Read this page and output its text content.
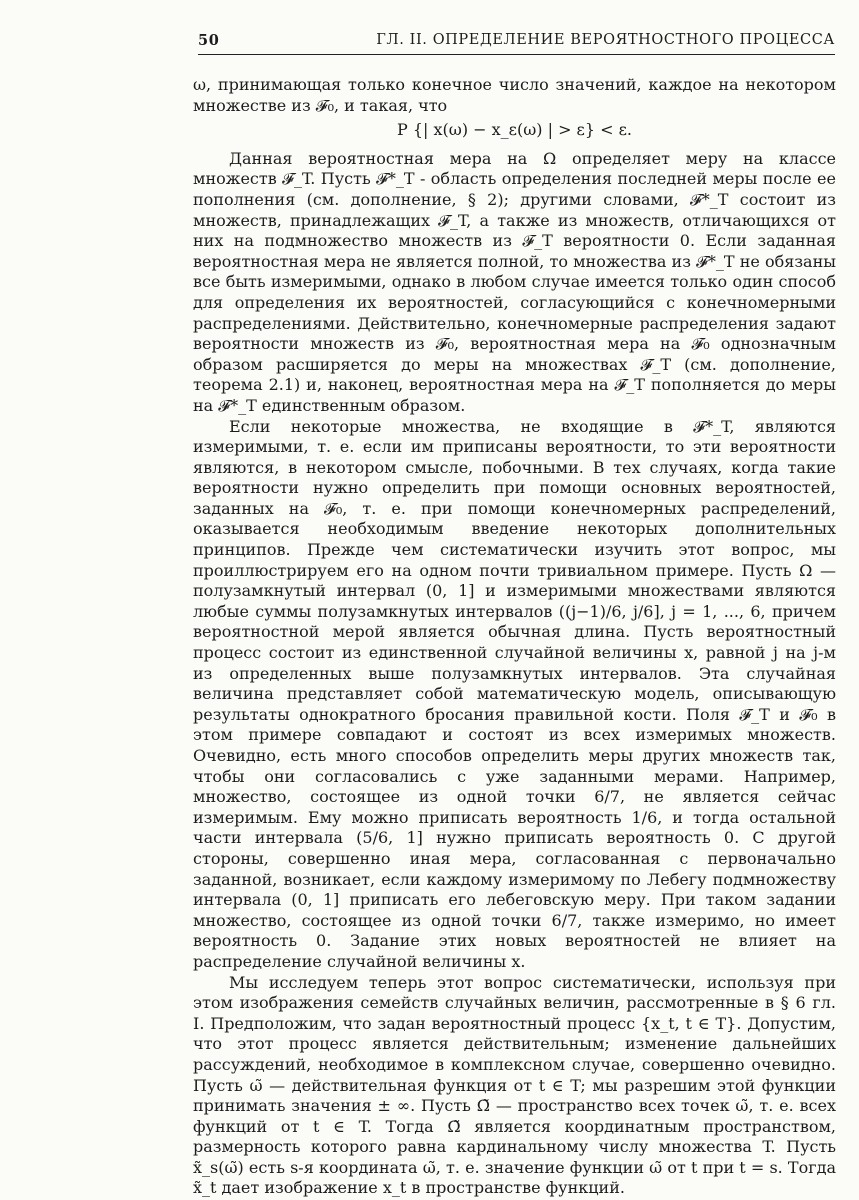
50	ГЛ. II. ОПРЕДЕЛЕНИЕ ВЕРОЯТНОСТНОГО ПРОЦЕССА

ω, принимающая только конечное число значений, каждое на некотором множестве из 𝓕₀, и такая, что

P {| x(ω) − x_ε(ω) | > ε} < ε.

Данная вероятностная мера на Ω определяет меру на классе множеств 𝓕_T. Пусть 𝓕*_T - область определения последней меры после ее пополнения (см. дополнение, § 2); другими словами, 𝓕*_T состоит из множеств, принадлежащих 𝓕_T, а также из множеств, отличающихся от них на подмножество множеств из 𝓕_T вероятности 0. Если заданная вероятностная мера не является полной, то множества из 𝓕*_T не обязаны все быть измеримыми, однако в любом случае имеется только один способ для определения их вероятностей, согласующийся с конечномерными распределениями. Действительно, конечномерные распределения задают вероятности множеств из 𝓕₀, вероятностная мера на 𝓕₀ однозначным образом расширяется до меры на множествах 𝓕_T (см. дополнение, теорема 2.1) и, наконец, вероятностная мера на 𝓕_T пополняется до меры на 𝓕*_T единственным образом.

Если некоторые множества, не входящие в 𝓕*_T, являются измеримыми, т. е. если им приписаны вероятности, то эти вероятности являются, в некотором смысле, побочными. В тех случаях, когда такие вероятности нужно определить при помощи основных вероятностей, заданных на 𝓕₀, т. е. при помощи конечномерных распределений, оказывается необходимым введение некоторых дополнительных принципов. Прежде чем систематически изучить этот вопрос, мы проиллюстрируем его на одном почти тривиальном примере. Пусть Ω — полузамкнутый интервал (0, 1] и измеримыми множествами являются любые суммы полузамкнутых интервалов ((j−1)/6, j/6], j = 1, ..., 6, причем вероятностной мерой является обычная длина. Пусть вероятностный процесс состоит из единственной случайной величины x, равной j на j-м из определенных выше полузамкнутых интервалов. Эта случайная величина представляет собой математическую модель, описывающую результаты однократного бросания правильной кости. Поля 𝓕_T и 𝓕₀ в этом примере совпадают и состоят из всех измеримых множеств. Очевидно, есть много способов определить меры других множеств так, чтобы они согласовались с уже заданными мерами. Например, множество, состоящее из одной точки 6/7, не является сейчас измеримым. Ему можно приписать вероятность 1/6, и тогда остальной части интервала (5/6, 1] нужно приписать вероятность 0. С другой стороны, совершенно иная мера, согласованная с первоначально заданной, возникает, если каждому измеримому по Лебегу подмножеству интервала (0, 1] приписать его лебеговскую меру. При таком задании множество, состоящее из одной точки 6/7, также измеримо, но имеет вероятность 0. Задание этих новых вероятностей не влияет на распределение случайной величины x.

Мы исследуем теперь этот вопрос систематически, используя при этом изображения семейств случайных величин, рассмотренные в § 6 гл. I. Предположим, что задан вероятностный процесс {x_t, t ∈ T}. Допустим, что этот процесс является действительным; изменение дальнейших рассуждений, необходимое в комплексном случае, совершенно очевидно. Пусть ω̃ — действительная функция от t ∈ T; мы разрешим этой функции принимать значения ± ∞. Пусть Ω̃ — пространство всех точек ω̃, т. е. всех функций от t ∈ T. Тогда Ω̃ является координатным пространством, размерность которого равна кардинальному числу множества T. Пусть x̃_s(ω̃) есть s-я координата ω̃, т. е. значение функции ω̃ от t при t = s. Тогда x̃_t дает изображение x_t в пространстве функций.
